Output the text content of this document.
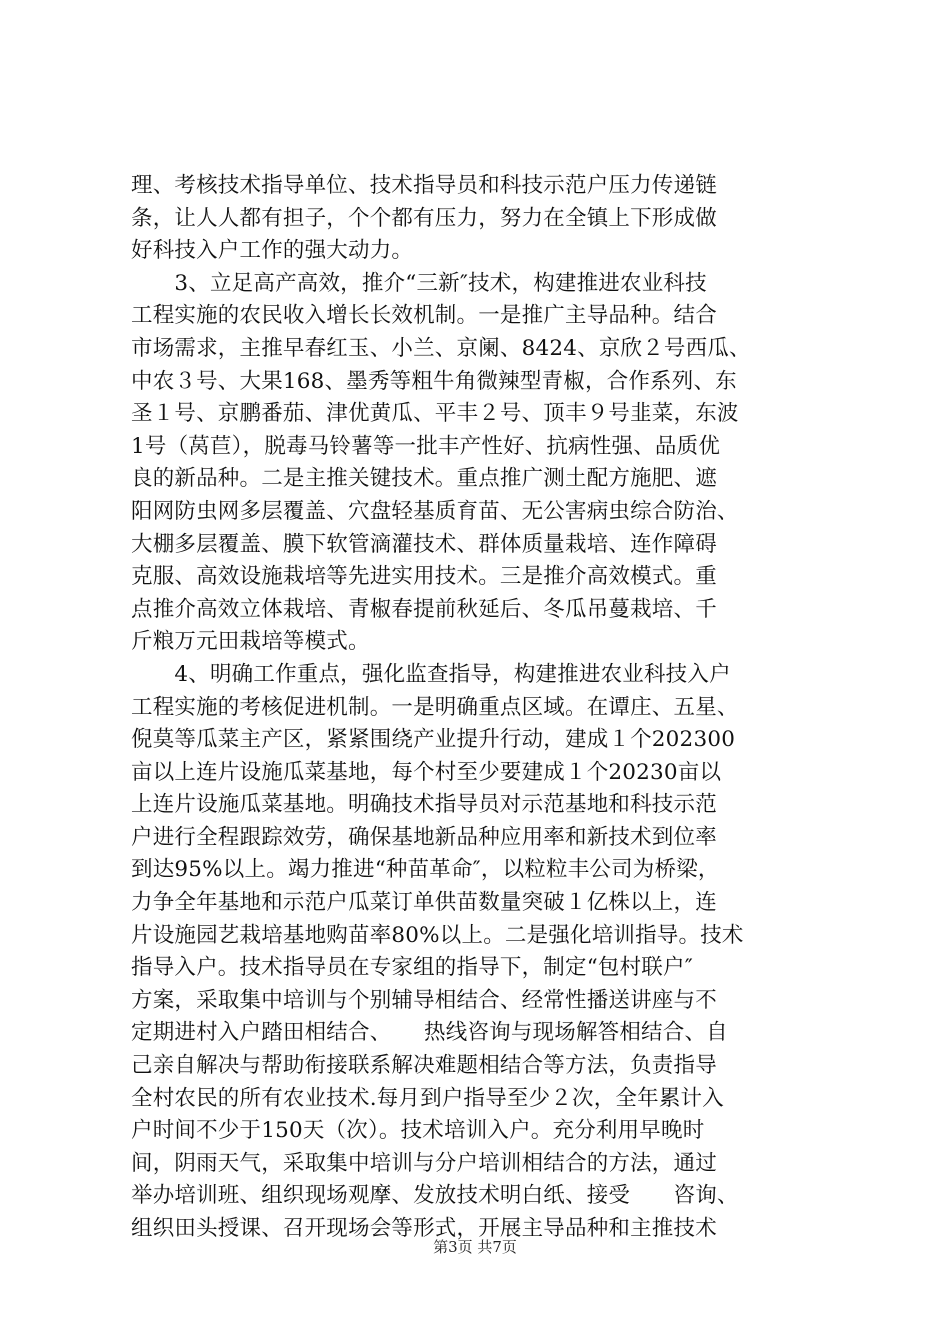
理、考核技术指导单位、技术指导员和科技示范户压力传递链
条，让人人都有担子，个个都有压力，努力在全镇上下形成做
好科技入户工作的强大动力。
　　3、立足高产高效，推介“三新″技术，构建推进农业科技
工程实施的农民收入增长长效机制。一是推广主导品种。结合
市场需求，主推早春红玉、小兰、京阑、8424、京欣２号西瓜、
中农３号、大果168、墨秀等粗牛角微辣型青椒，合作系列、东
圣１号、京鹏番茄、津优黄瓜、平丰２号、顶丰９号韭菜，东波
1号（莴苣），脱毒马铃薯等一批丰产性好、抗病性强、品质优
良的新品种。二是主推关键技术。重点推广测土配方施肥、遮
阳网防虫网多层覆盖、穴盘轻基质育苗、无公害病虫综合防治、
大棚多层覆盖、膜下软管滴灌技术、群体质量栽培、连作障碍
克服、高效设施栽培等先进实用技术。三是推介高效模式。重
点推介高效立体栽培、青椒春提前秋延后、冬瓜吊蔓栽培、千
斤粮万元田栽培等模式。
　　4、明确工作重点，强化监查指导，构建推进农业科技入户
工程实施的考核促进机制。一是明确重点区域。在谭庄、五星、
倪莫等瓜菜主产区，紧紧围绕产业提升行动，建成１个202300
亩以上连片设施瓜菜基地，每个村至少要建成１个20230亩以
上连片设施瓜菜基地。明确技术指导员对示范基地和科技示范
户进行全程跟踪效劳，确保基地新品种应用率和新技术到位率
到达95%以上。竭力推进“种苗革命″，以粒粒丰公司为桥梁，
力争全年基地和示范户瓜菜订单供苗数量突破１亿株以上，连
片设施园艺栽培基地购苗率80%以上。二是强化培训指导。技术
指导入户。技术指导员在专家组的指导下，制定“包村联户″
方案，采取集中培训与个别辅导相结合、经常性播送讲座与不
定期进村入户踏田相结合、　　热线咨询与现场解答相结合、自
己亲自解决与帮助衔接联系解决难题相结合等方法，负责指导
全村农民的所有农业技术.每月到户指导至少２次，全年累计入
户时间不少于150天（次）。技术培训入户。充分利用早晚时
间，阴雨天气，采取集中培训与分户培训相结合的方法，通过
举办培训班、组织现场观摩、发放技术明白纸、接受　　咨询、
组织田头授课、召开现场会等形式，开展主导品种和主推技术
第3页 共7页
